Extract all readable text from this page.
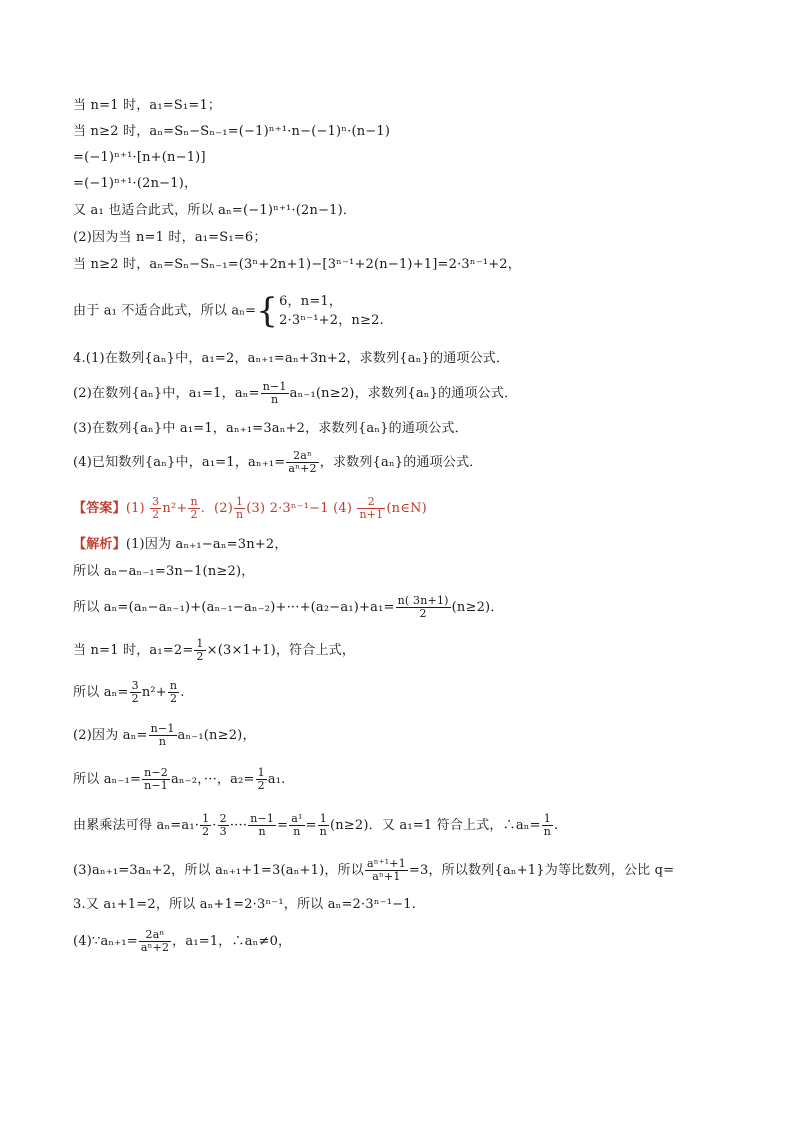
当 n=1 时，a₁=S₁=1；
当 n≥2 时，aₙ=Sₙ−Sₙ₋₁=(−1)ⁿ⁺¹·n−(−1)ⁿ·(n−1)
=(−1)ⁿ⁺¹·[n+(n−1)]
=(−1)ⁿ⁺¹·(2n−1)，
又 a₁ 也适合此式，所以 aₙ=(−1)ⁿ⁺¹·(2n−1)．
(2)因为当 n=1 时，a₁=S₁=6；
当 n≥2 时，aₙ=Sₙ−Sₙ₋₁=(3ⁿ+2n+1)−[3ⁿ⁻¹+2(n−1)+1]=2·3ⁿ⁻¹+2，
由于 a₁ 不适合此式，所以 aₙ={ 6，n=1，
2·3ⁿ⁻¹+2，n≥2.
4.(1)在数列{aₙ}中，a₁=2，aₙ₊₁=aₙ+3n+2，求数列{aₙ}的通项公式．
(2)在数列{aₙ}中，a₁=1，$a_n= \frac{n-1}{n} a_{n-1}(n\ge 2)$，求数列{aₙ}的通项公式．
(3)在数列{aₙ}中 a₁=1，aₙ₊₁=3aₙ+2，求数列{aₙ}的通项公式．
(4)已知数列{aₙ}中，a₁=1，$a_{n+1}= \frac{\text{2aⁿ}}{\text{aⁿ+2}}$ ，求数列{aₙ}的通项公式．
【答案】$(1) \frac{3}{2} n^2+ \frac{n}{2}$ ．$(2) \frac{1}{n} (3)$ 2·3ⁿ⁻¹−1 $(4) \frac{2}{n+1}$ (n∈N)
【解析】(1)因为 aₙ₊₁−aₙ=3n+2，
所以 aₙ−aₙ₋₁=3n−1(n≥2)，
所以 $a_n=(a_n-a_{n-1})+(a_{n-1}-a_{n-2})+\cdot\cdot\cdot+(a_2-a_1)+a_1= \frac{n( 3n+1)}{2} (n\ge 2)$．
当 n=1 时，$a_1=2= \frac{1}{2} \times(3\times 1+1)$，符合上式，
所以 $a_n= \frac{3}{2} n^2+ \frac{n}{2}$ .
(2)因为 $a_n= \frac{n-1}{n} a_{n-1}(n\ge 2)$，
所以 $a_{n-1}= \frac{n-2}{n-1} a_{n-2}$，···，$a_2= \frac{1}{2} a_1$.
由累乘法可得 $a_n=a_1\cdot \frac{1}{2} \cdot \frac{2}{3}$ ···· $\frac{n-1}{n} = \frac{\text{a¹}}{n} = \frac{1}{n} (n\ge 2)$．又 a₁=1 符合上式，∴aₙ= $\frac{1}{n}$ .
(3)aₙ₊₁=3aₙ+2，所以 aₙ₊₁+1=3(aₙ+1)，所以 $\frac{\text{aⁿ⁺¹+1}}{\text{aⁿ+1}} =3$，所以数列{aₙ+1}为等比数列，公比 q=
3.又 a₁+1=2，所以 aₙ+1=2·3ⁿ⁻¹，所以 aₙ=2·3ⁿ⁻¹−1.
(4)∵aₙ₊₁= $\frac{\text{2aⁿ}}{\text{aⁿ+2}}$ ，a₁=1，∴aₙ≠0，
